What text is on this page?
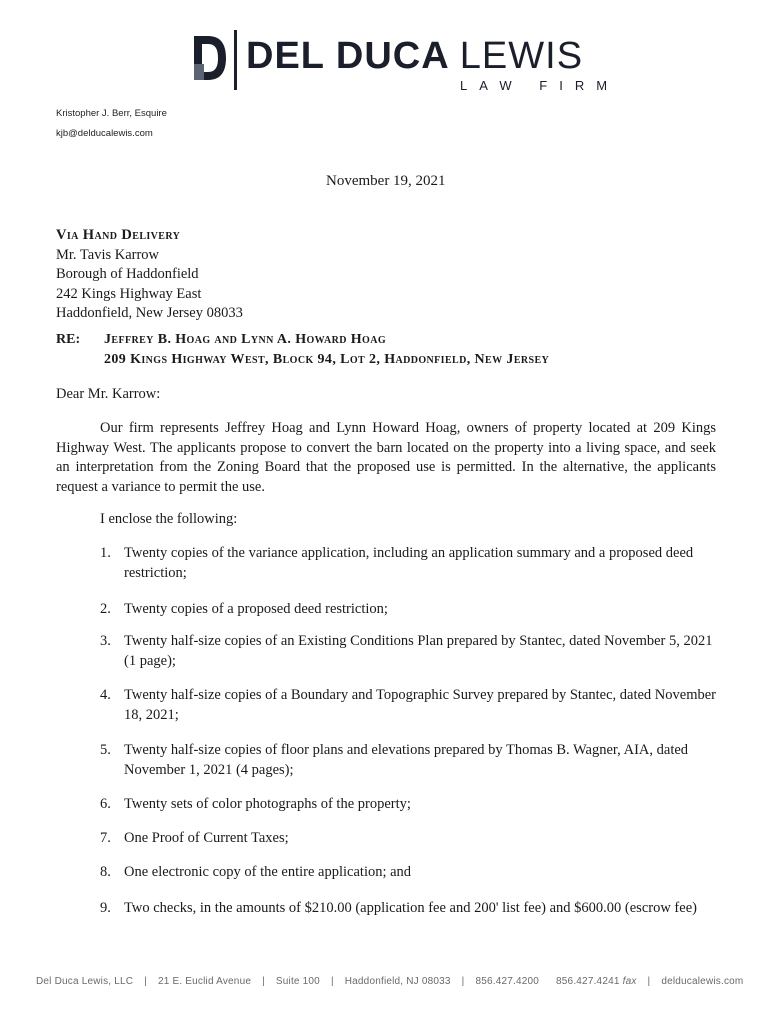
DEL DUCA LEWIS
LAW FIRM
Kristopher J. Berr, Esquire
kjb@delducalewis.com
November 19, 2021
Via Hand Delivery
Mr. Tavis Karrow
Borough of Haddonfield
242 Kings Highway East
Haddonfield, New Jersey 08033
RE: Jeffrey B. Hoag and Lynn A. Howard Hoag
209 Kings Highway West, Block 94, Lot 2, Haddonfield, New Jersey
Dear Mr. Karrow:
Our firm represents Jeffrey Hoag and Lynn Howard Hoag, owners of property located at 209 Kings Highway West. The applicants propose to convert the barn located on the property into a living space, and seek an interpretation from the Zoning Board that the proposed use is permitted. In the alternative, the applicants request a variance to permit the use.
I enclose the following:
1. Twenty copies of the variance application, including an application summary and a proposed deed restriction;
2. Twenty copies of a proposed deed restriction;
3. Twenty half-size copies of an Existing Conditions Plan prepared by Stantec, dated November 5, 2021 (1 page);
4. Twenty half-size copies of a Boundary and Topographic Survey prepared by Stantec, dated November 18, 2021;
5. Twenty half-size copies of floor plans and elevations prepared by Thomas B. Wagner, AIA, dated November 1, 2021 (4 pages);
6. Twenty sets of color photographs of the property;
7. One Proof of Current Taxes;
8. One electronic copy of the entire application; and
9. Two checks, in the amounts of $210.00 (application fee and 200' list fee) and $600.00 (escrow fee)
Del Duca Lewis, LLC | 21 E. Euclid Avenue | Suite 100 | Haddonfield, NJ 08033 | 856.427.4200 856.427.4241 fax | delducalewis.com
